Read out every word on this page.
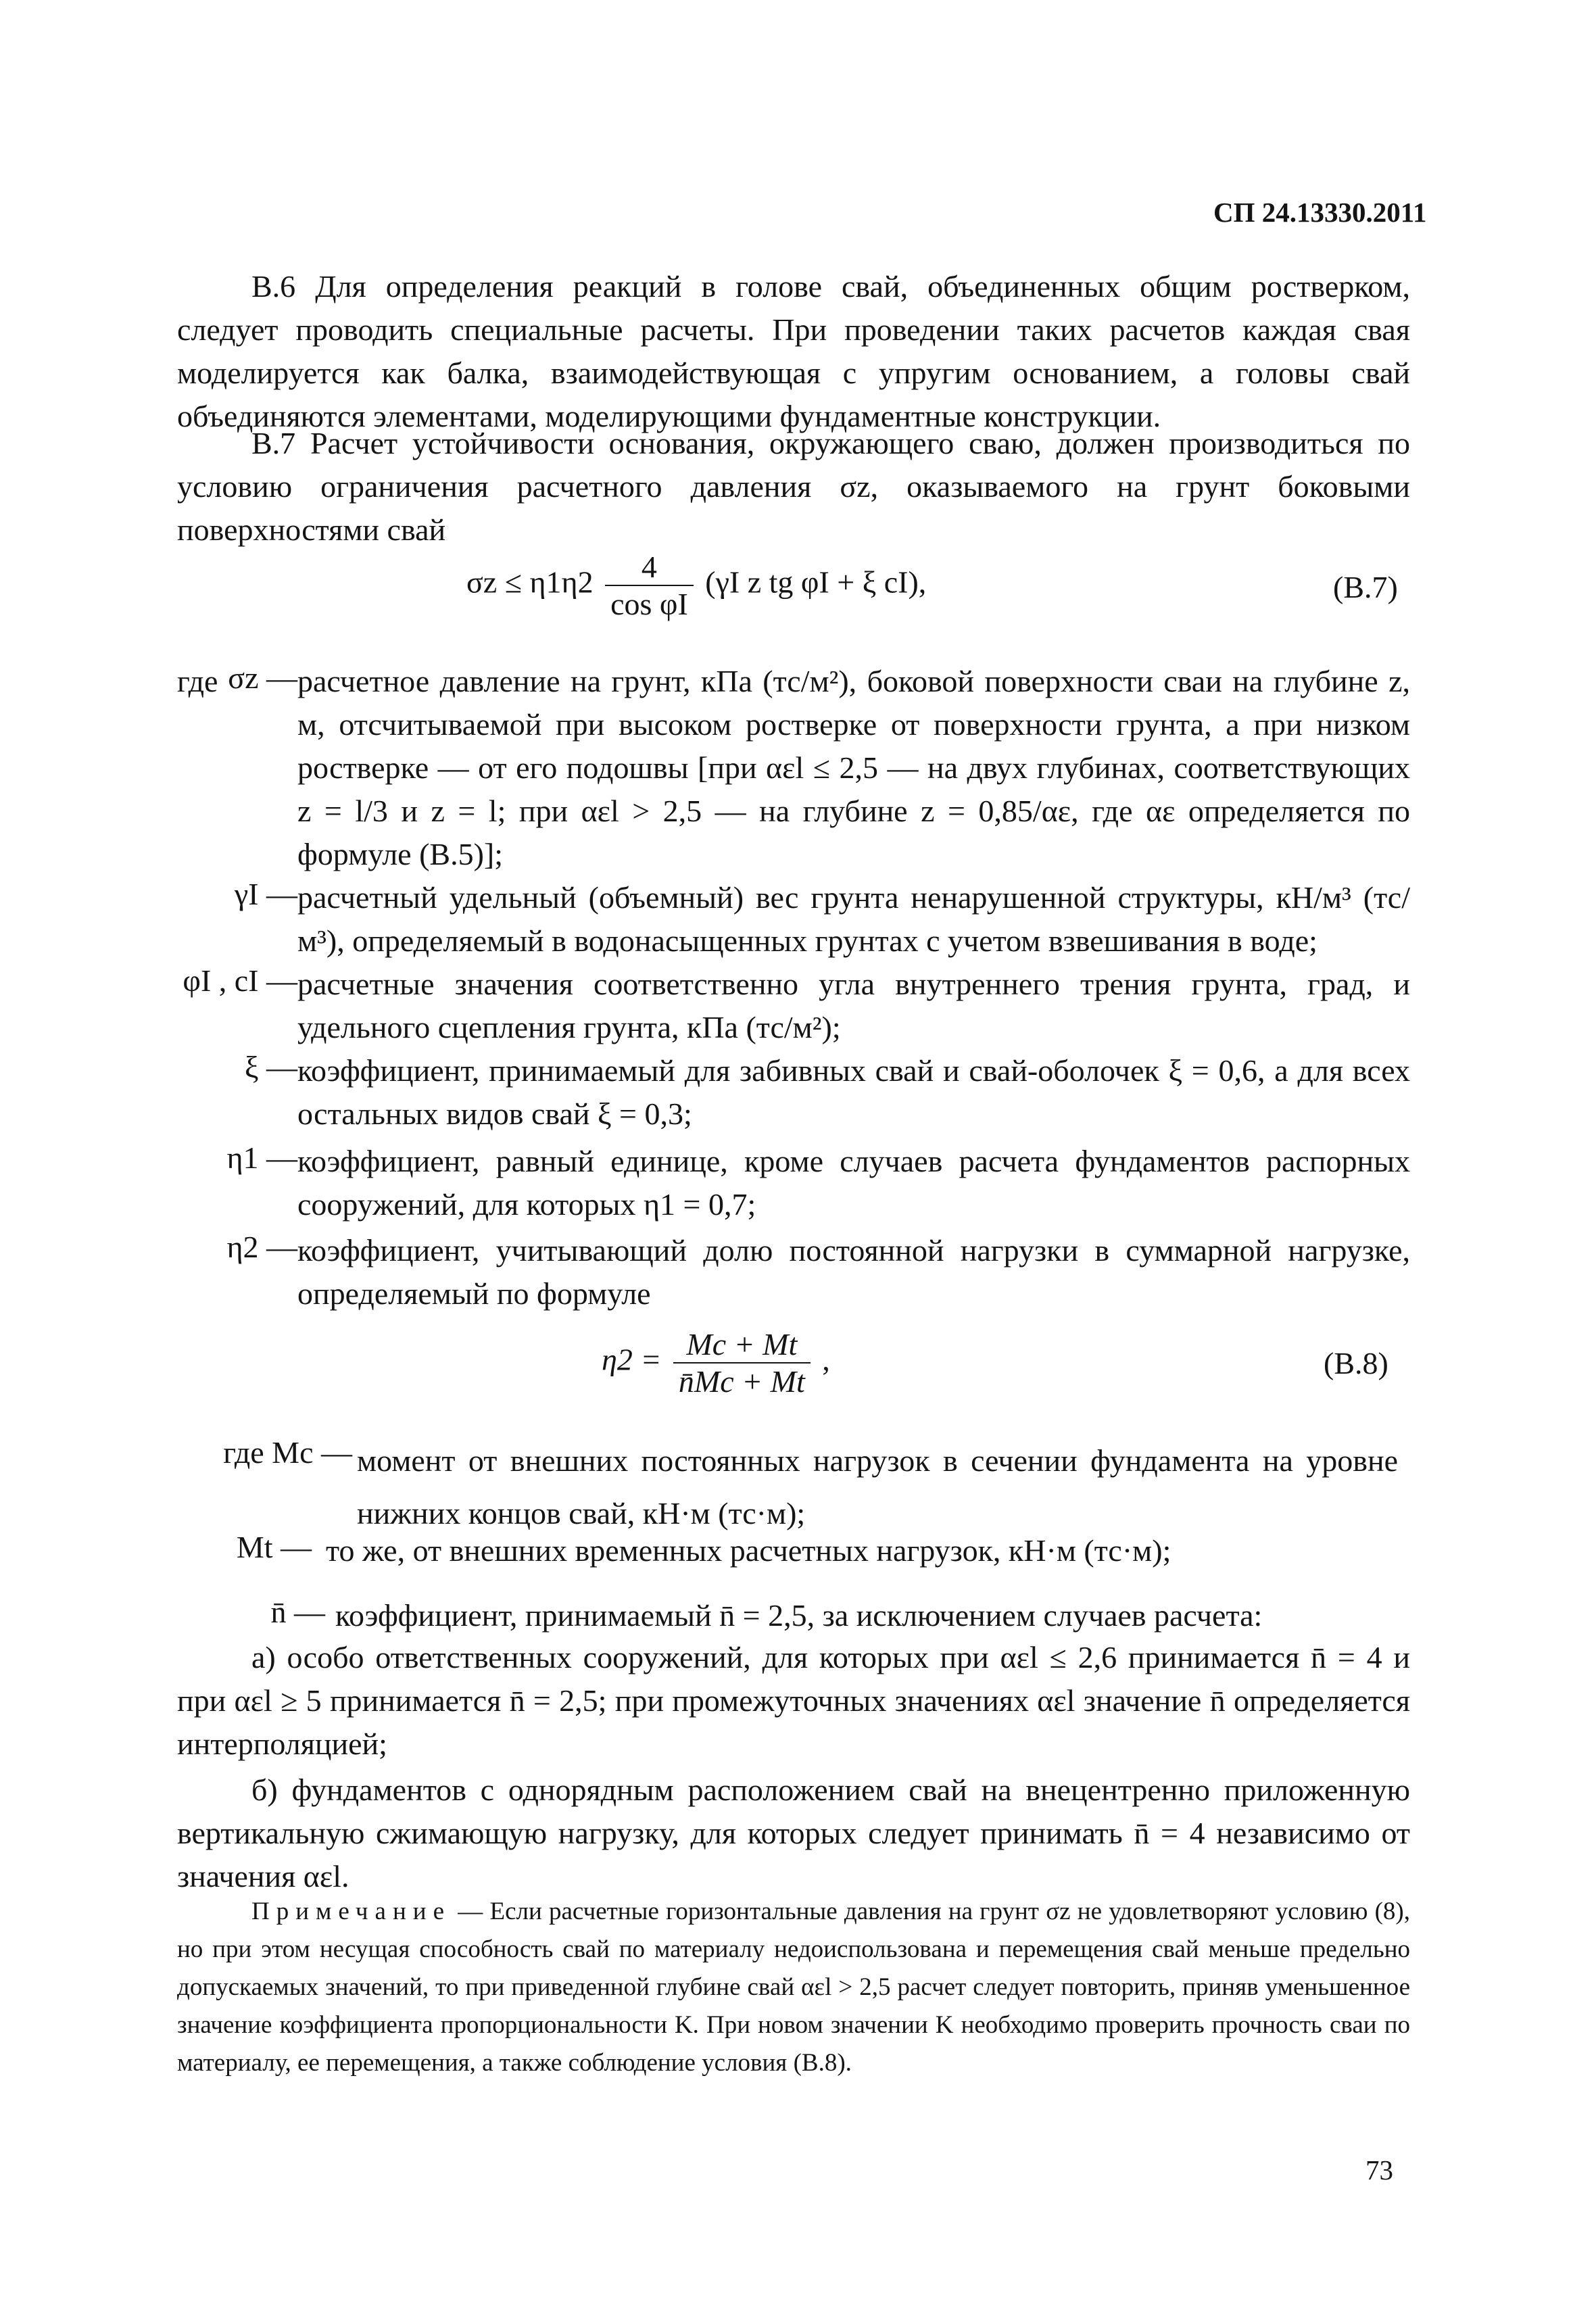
СП 24.13330.2011
В.6 Для определения реакций в голове свай, объединенных общим ростверком, следует проводить специальные расчеты. При проведении таких расчетов каждая свая моделируется как балка, взаимодействующая с упругим основанием, а головы свай объединяются элементами, моделирующими фундаментные конструкции.
В.7 Расчет устойчивости основания, окружающего сваю, должен производиться по условию ограничения расчетного давления σz, оказываемого на грунт боковыми поверхностями свай
$\sigma z \le \eta 1\eta 2 \frac{4}{\text{cos φI}} (\gamma I$ z tg φI + ξ cI),	(В.7)
где σz — расчетное давление на грунт, кПа (тс/м²), боковой поверхности сваи на глубине z, м, отсчитываемой при высоком ростверке от поверхности грунта, а при низком ростверке — от его подошвы [при αεl ≤ 2,5 — на двух глубинах, соответствующих z = l/3 и z = l; при αεl > 2,5 — на глубине z = 0,85/αε, где αε определяется по формуле (В.5)];
γI — расчетный удельный (объемный) вес грунта ненарушенной структуры, кН/м³ (тс/м³), определяемый в водонасыщенных грунтах с учетом взвешивания в воде;
φI , cI — расчетные значения соответственно угла внутреннего трения грунта, град, и удельного сцепления грунта, кПа (тс/м²);
ξ — коэффициент, принимаемый для забивных свай и свай-оболочек ξ = 0,6, а для всех остальных видов свай ξ = 0,3;
η1 — коэффициент, равный единице, кроме случаев расчета фундаментов распорных сооружений, для которых η1 = 0,7;
η2 — коэффициент, учитывающий долю постоянной нагрузки в суммарной нагрузке, определяемый по формуле
$\eta 2 = \frac{Mc + Mt}{n̄Mc + Mt}$ ,	(В.8)
где Mc — момент от внешних постоянных нагрузок в сечении фундамента на уровне нижних концов свай, кН·м (тс·м);
Mt — то же, от внешних временных расчетных нагрузок, кН·м (тс·м);
n̄ — коэффициент, принимаемый n̄ = 2,5, за исключением случаев расчета:
а) особо ответственных сооружений, для которых при αεl ≤ 2,6 принимается n̄ = 4 и при αεl ≥ 5 принимается n̄ = 2,5; при промежуточных значениях αεl значение n̄ определяется интерполяцией;
б) фундаментов с однорядным расположением свай на внецентренно приложенную вертикальную сжимающую нагрузку, для которых следует принимать n̄ = 4 независимо от значения αεl.
Примечание — Если расчетные горизонтальные давления на грунт σz не удовлетворяют условию (8), но при этом несущая способность свай по материалу недоиспользована и перемещения свай меньше предельно допускаемых значений, то при приведенной глубине свай αεl > 2,5 расчет следует повторить, приняв уменьшенное значение коэффициента пропорциональности K. При новом значении K необходимо проверить прочность сваи по материалу, ее перемещения, а также соблюдение условия (В.8).
73
